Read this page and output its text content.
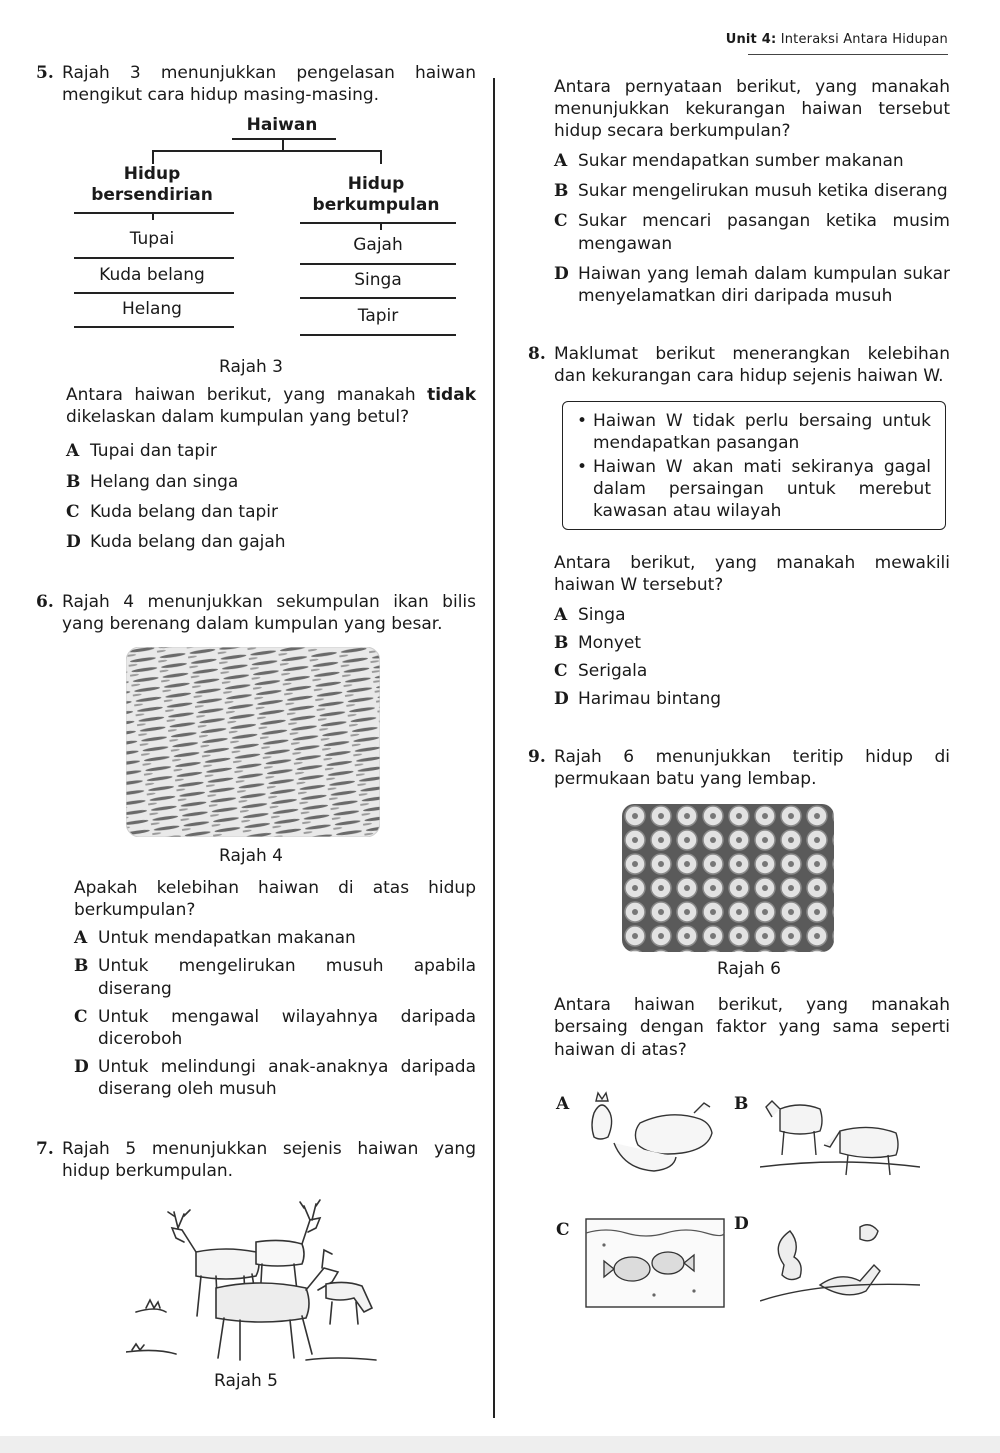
Unit 4: Interaksi Antara Hidupan
5. Rajah 3 menunjukkan pengelasan haiwan mengikut cara hidup masing-masing.
Haiwan
Hidup
bersendirian
Hidup
berkumpulan
Tupai
Kuda belang
Helang
Gajah
Singa
Tapir
Rajah 3
Antara haiwan berikut, yang manakah tidak dikelaskan dalam kumpulan yang betul?
A Tupai dan tapir
B Helang dan singa
C Kuda belang dan tapir
D Kuda belang dan gajah
6. Rajah 4 menunjukkan sekumpulan ikan bilis yang berenang dalam kumpulan yang besar.
Rajah 4
Apakah kelebihan haiwan di atas hidup berkumpulan?
A Untuk mendapatkan makanan
B Untuk mengelirukan musuh apabila diserang
C Untuk mengawal wilayahnya daripada diceroboh
D Untuk melindungi anak-anaknya daripada diserang oleh musuh
7. Rajah 5 menunjukkan sejenis haiwan yang hidup berkumpulan.
Rajah 5
Antara pernyataan berikut, yang manakah menunjukkan kekurangan haiwan tersebut hidup secara berkumpulan?
A Sukar mendapatkan sumber makanan
B Sukar mengelirukan musuh ketika diserang
C Sukar mencari pasangan ketika musim mengawan
D Haiwan yang lemah dalam kumpulan sukar menyelamatkan diri daripada musuh
8. Maklumat berikut menerangkan kelebihan dan kekurangan cara hidup sejenis haiwan W.
• Haiwan W tidak perlu bersaing untuk mendapatkan pasangan
• Haiwan W akan mati sekiranya gagal dalam persaingan untuk merebut kawasan atau wilayah
Antara berikut, yang manakah mewakili haiwan W tersebut?
A Singa
B Monyet
C Serigala
D Harimau bintang
9. Rajah 6 menunjukkan teritip hidup di permukaan batu yang lembap.
Rajah 6
Antara haiwan berikut, yang manakah bersaing dengan faktor yang sama seperti haiwan di atas?
A	B
C	D
